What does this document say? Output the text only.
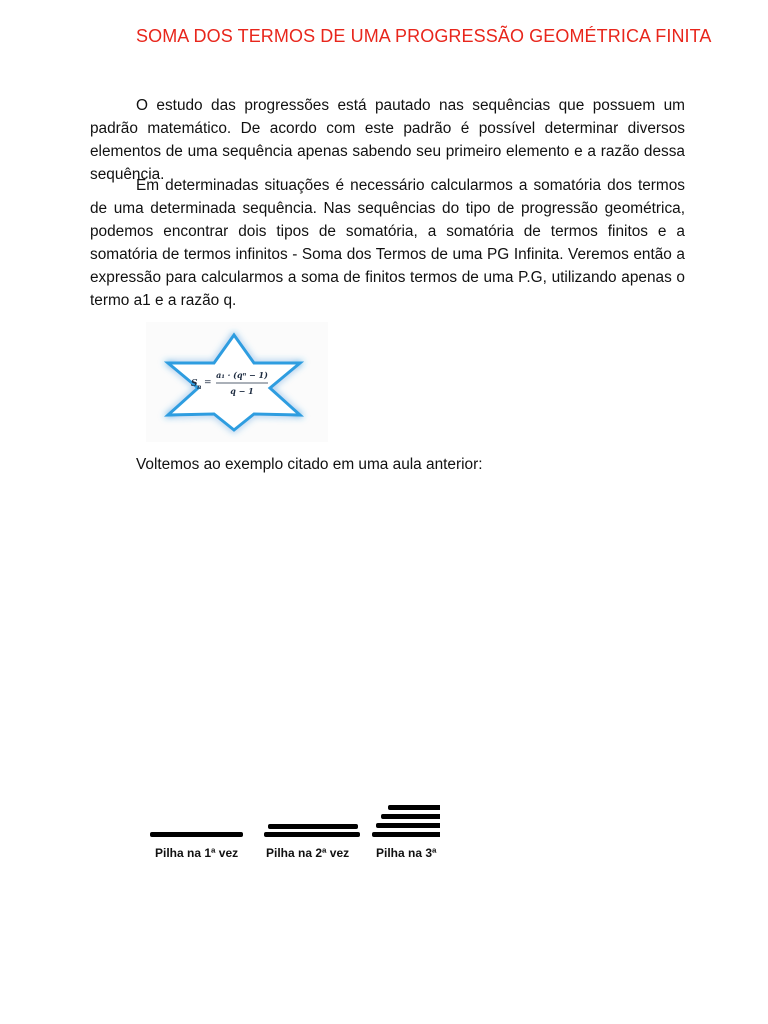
SOMA DOS TERMOS DE UMA PROGRESSÃO GEOMÉTRICA FINITA

O estudo das progressões está pautado nas sequências que possuem um padrão matemático. De acordo com este padrão é possível determinar diversos elementos de uma sequência apenas sabendo seu primeiro elemento e a razão dessa sequência.

Em determinadas situações é necessário calcularmos a somatória dos termos de uma determinada sequência. Nas sequências do tipo de progressão geométrica, podemos encontrar dois tipos de somatória, a somatória de termos finitos e a somatória de termos infinitos - Soma dos Termos de uma PG Infinita. Veremos então a expressão para calcularmos a soma de finitos termos de uma P.G, utilizando apenas o termo a1 e a razão q.

S n =
a₁ · (qⁿ − 1)
q − 1
Voltemos ao exemplo citado em uma aula anterior:
Pilha na 1ª vez Pilha na 2ª vez Pilha na 3ª
